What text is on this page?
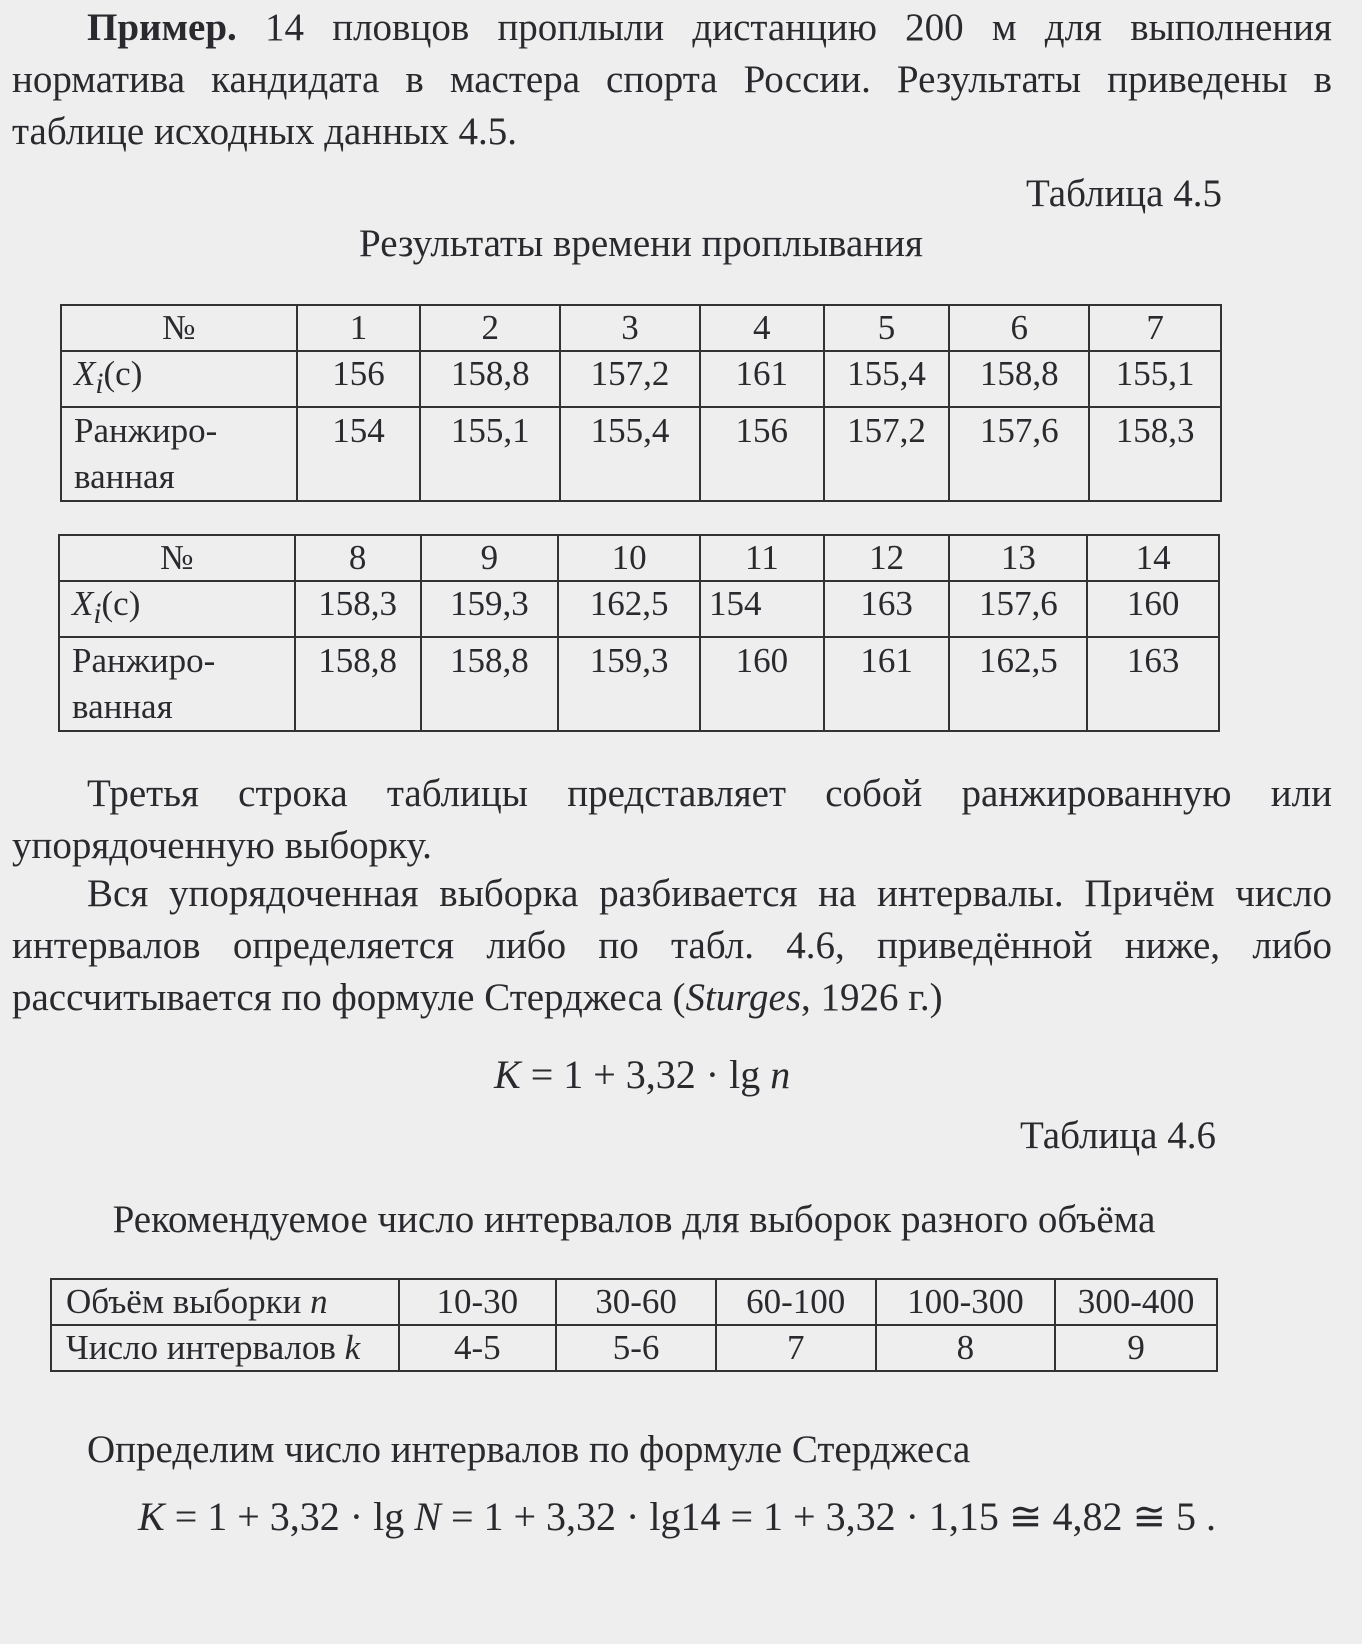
Пример. 14 пловцов проплыли дистанцию 200 м для выполнения норматива кандидата в мастера спорта России. Результаты приведены в таблице исходных данных 4.5.

Таблица 4.5
Результаты времени проплывания
№	1	2	3	4	5	6	7
$X_i(с)$	156	158,8	157,2	161	155,4	158,8	155,1
Ранжиро-
ванная	154	155,1	155,4	156	157,2	157,6	158,3
№	8	9	10	11	12	13	14
$X_i(с)$	158,3	159,3	162,5	154	163	157,6	160
Ранжиро-
ванная	158,8	158,8	159,3	160	161	162,5	163

Третья строка таблицы представляет собой ранжированную или упорядоченную выборку.

Вся упорядоченная выборка разбивается на интервалы. Причём число интервалов определяется либо по табл. 4.6, приведённой ниже, либо рассчитывается по формуле Стерджеса (Sturges, 1926 г.)

K = 1 + 3,32 · lg n
Таблица 4.6
Рекомендуемое число интервалов для выборок разного объёма
Объём выборки n	10-30	30-60	60-100	100-300	300-400
Число интервалов k	4-5	5-6	7	8	9

Определим число интервалов по формуле Стерджеса

K = 1 + 3,32 · lg N = 1 + 3,32 · lg14 = 1 + 3,32 · 1,15 ≅ 4,82 ≅ 5 .
